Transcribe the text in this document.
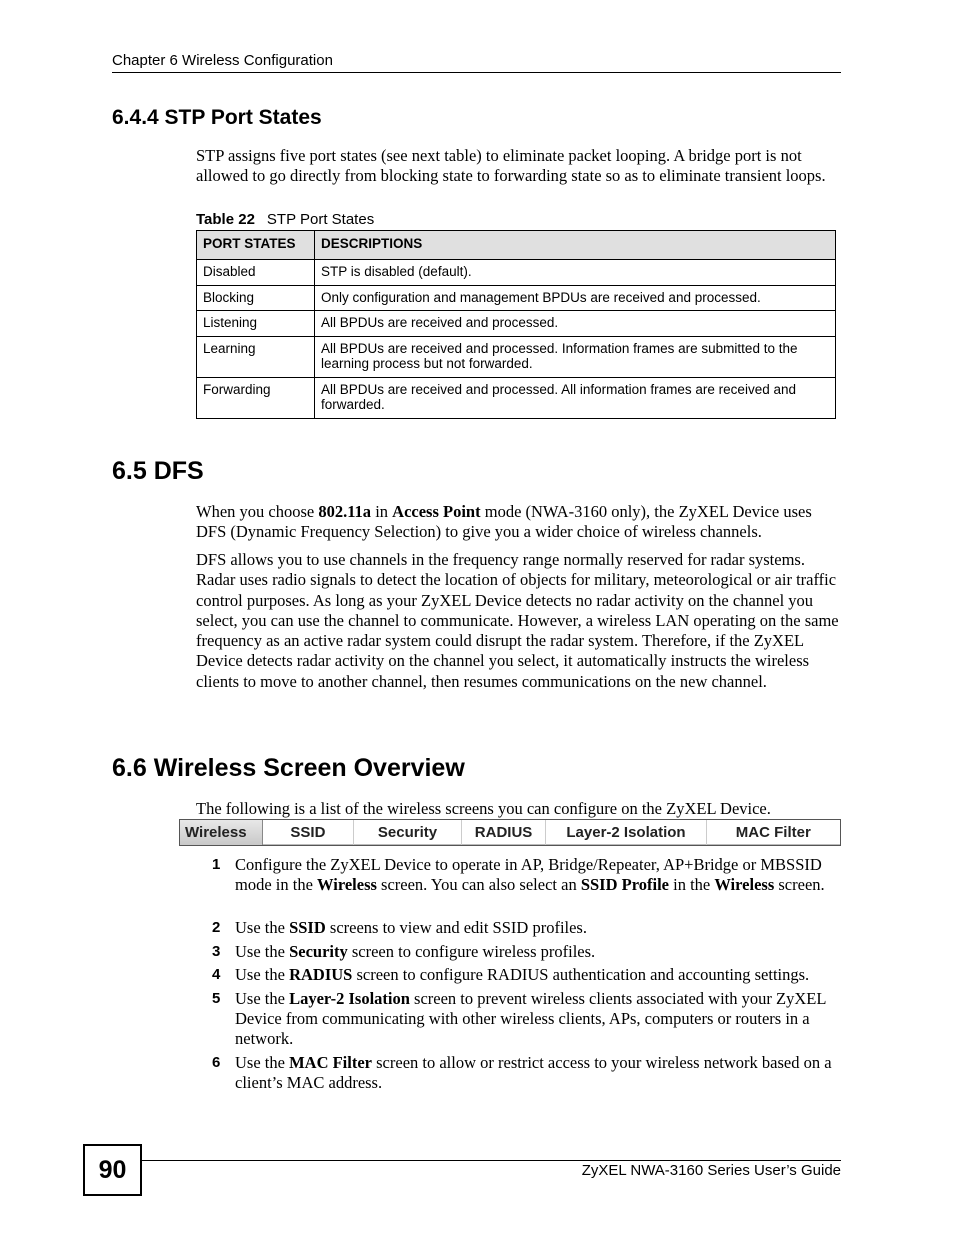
Chapter 6 Wireless Configuration
6.4.4 STP Port States

STP assigns five port states (see next table) to eliminate packet looping. A bridge port is not allowed to go directly from blocking state to forwarding state so as to eliminate transient loops.

Table 22 STP Port States
PORT STATES	DESCRIPTIONS
Disabled	STP is disabled (default).
Blocking	Only configuration and management BPDUs are received and processed.
Listening	All BPDUs are received and processed.
Learning	All BPDUs are received and processed. Information frames are submitted to the learning process but not forwarded.
Forwarding	All BPDUs are received and processed. All information frames are received and forwarded.
6.5 DFS

When you choose 802.11a in Access Point mode (NWA-3160 only), the ZyXEL Device uses DFS (Dynamic Frequency Selection) to give you a wider choice of wireless channels.

DFS allows you to use channels in the frequency range normally reserved for radar systems. Radar uses radio signals to detect the location of objects for military, meteorological or air traffic control purposes. As long as your ZyXEL Device detects no radar activity on the channel you select, you can use the channel to communicate. However, a wireless LAN operating on the same frequency as an active radar system could disrupt the radar system. Therefore, if the ZyXEL Device detects radar activity on the channel you select, it automatically instructs the wireless clients to move to another channel, then resumes communications on the new channel.

6.6 Wireless Screen Overview

The following is a list of the wireless screens you can configure on the ZyXEL Device.

Wireless	SSID	Security	RADIUS	Layer-2 Isolation	MAC Filter
1 Configure the ZyXEL Device to operate in AP, Bridge/Repeater, AP+Bridge or MBSSID mode in the Wireless screen. You can also select an SSID Profile in the Wireless screen.
2 Use the SSID screens to view and edit SSID profiles.
3 Use the Security screen to configure wireless profiles.
4 Use the RADIUS screen to configure RADIUS authentication and accounting settings.
5 Use the Layer-2 Isolation screen to prevent wireless clients associated with your ZyXEL Device from communicating with other wireless clients, APs, computers or routers in a network.
6 Use the MAC Filter screen to allow or restrict access to your wireless network based on a client’s MAC address.
90	ZyXEL NWA-3160 Series User’s Guide
